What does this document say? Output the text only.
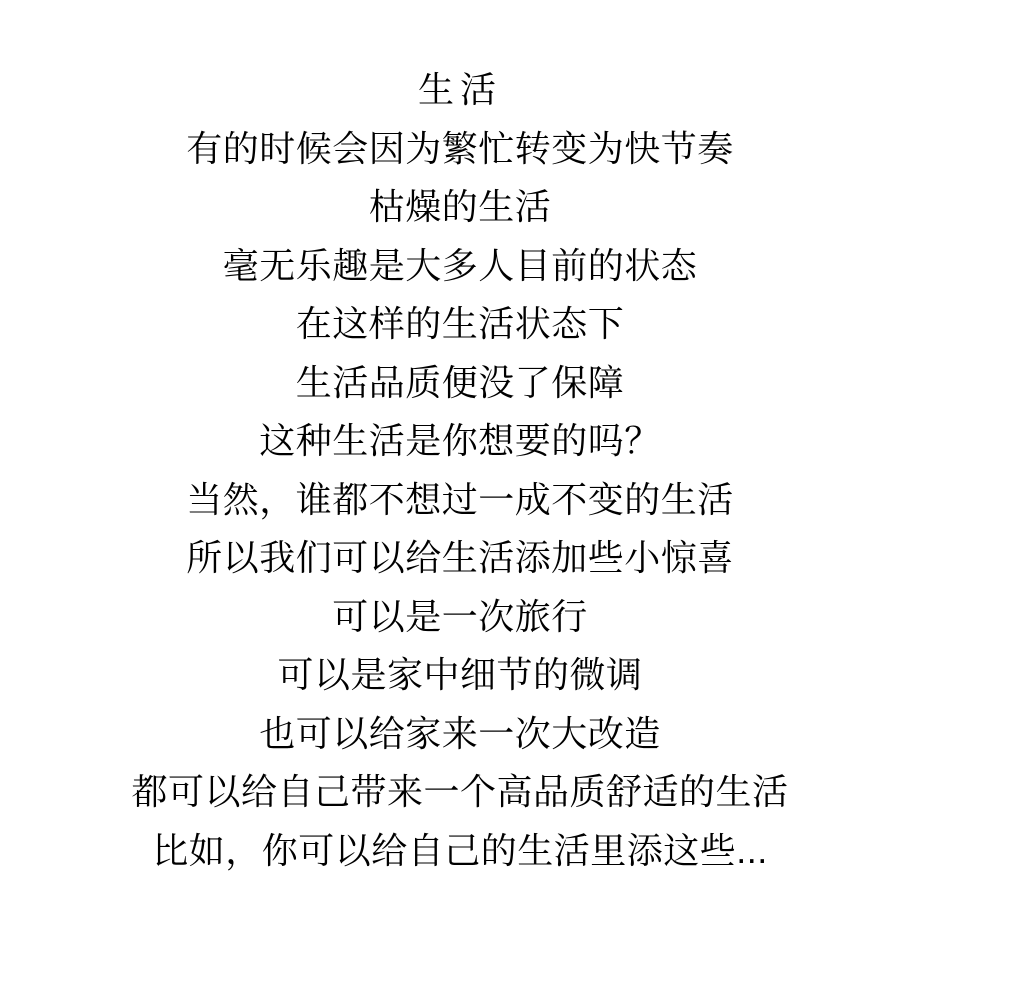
生活
有的时候会因为繁忙转变为快节奏
枯燥的生活
毫无乐趣是大多人目前的状态
在这样的生活状态下
生活品质便没了保障
这种生活是你想要的吗？
当然，谁都不想过一成不变的生活
所以我们可以给生活添加些小惊喜
可以是一次旅行
可以是家中细节的微调
也可以给家来一次大改造
都可以给自己带来一个高品质舒适的生活
比如，你可以给自己的生活里添这些...
